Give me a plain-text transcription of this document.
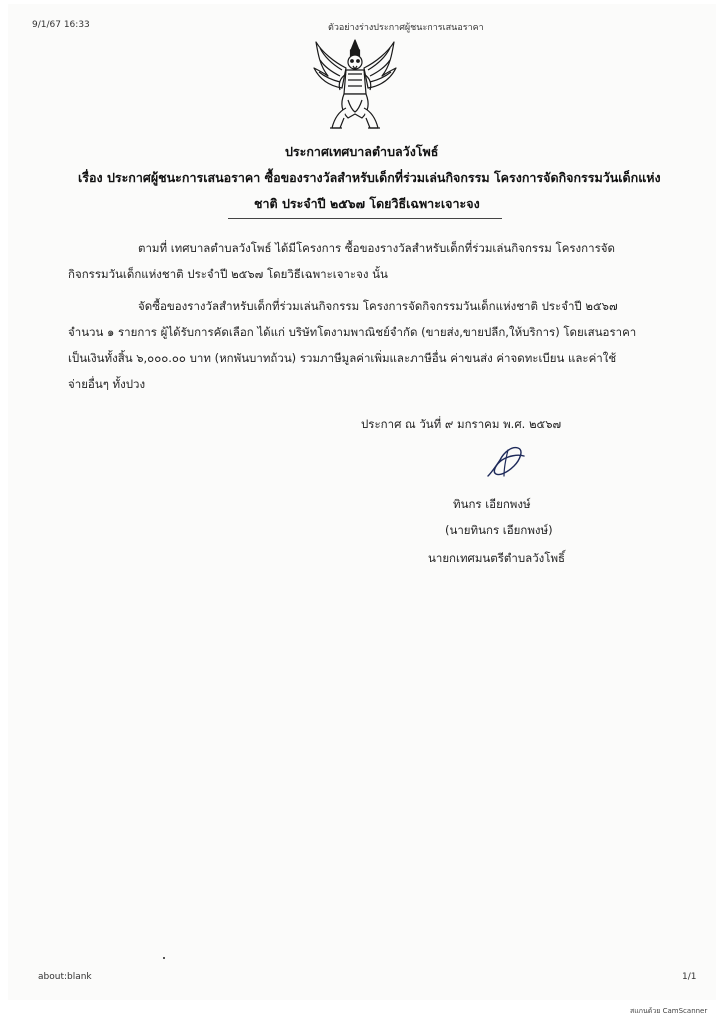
9/1/67 16:33	ตัวอย่างร่างประกาศผู้ชนะการเสนอราคา
ประกาศเทศบาลตำบลวังโพธ์
เรื่อง ประกาศผู้ชนะการเสนอราคา ซื้อของรางวัลสำหรับเด็กที่ร่วมเล่นกิจกรรม โครงการจัดกิจกรรมวันเด็กแห่ง
ชาติ ประจำปี ๒๕๖๗ โดยวิธีเฉพาะเจาะจง
ตามที่ เทศบาลตำบลวังโพธ์ ได้มีโครงการ ซื้อของรางวัลสำหรับเด็กที่ร่วมเล่นกิจกรรม โครงการจัด
กิจกรรมวันเด็กแห่งชาติ ประจำปี ๒๕๖๗ โดยวิธีเฉพาะเจาะจง นั้น
จัดซื้อของรางวัลสำหรับเด็กที่ร่วมเล่นกิจกรรม โครงการจัดกิจกรรมวันเด็กแห่งชาติ ประจำปี ๒๕๖๗
จำนวน ๑ รายการ ผู้ได้รับการคัดเลือก ได้แก่ บริษัทโตงามพาณิชย์จำกัด (ขายส่ง,ขายปลีก,ให้บริการ) โดยเสนอราคา
เป็นเงินทั้งสิ้น ๖,๐๐๐.๐๐ บาท (หกพันบาทถ้วน) รวมภาษีมูลค่าเพิ่มและภาษีอื่น ค่าขนส่ง ค่าจดทะเบียน และค่าใช้
จ่ายอื่นๆ ทั้งปวง
ประกาศ ณ วันที่ ๙ มกราคม พ.ศ. ๒๕๖๗
ทินกร เอียกพงษ์
(นายทินกร เอียกพงษ์)
นายกเทศมนตรีตำบลวังโพธิ์
about:blank	1/1
สแกนด้วย CamScanner
